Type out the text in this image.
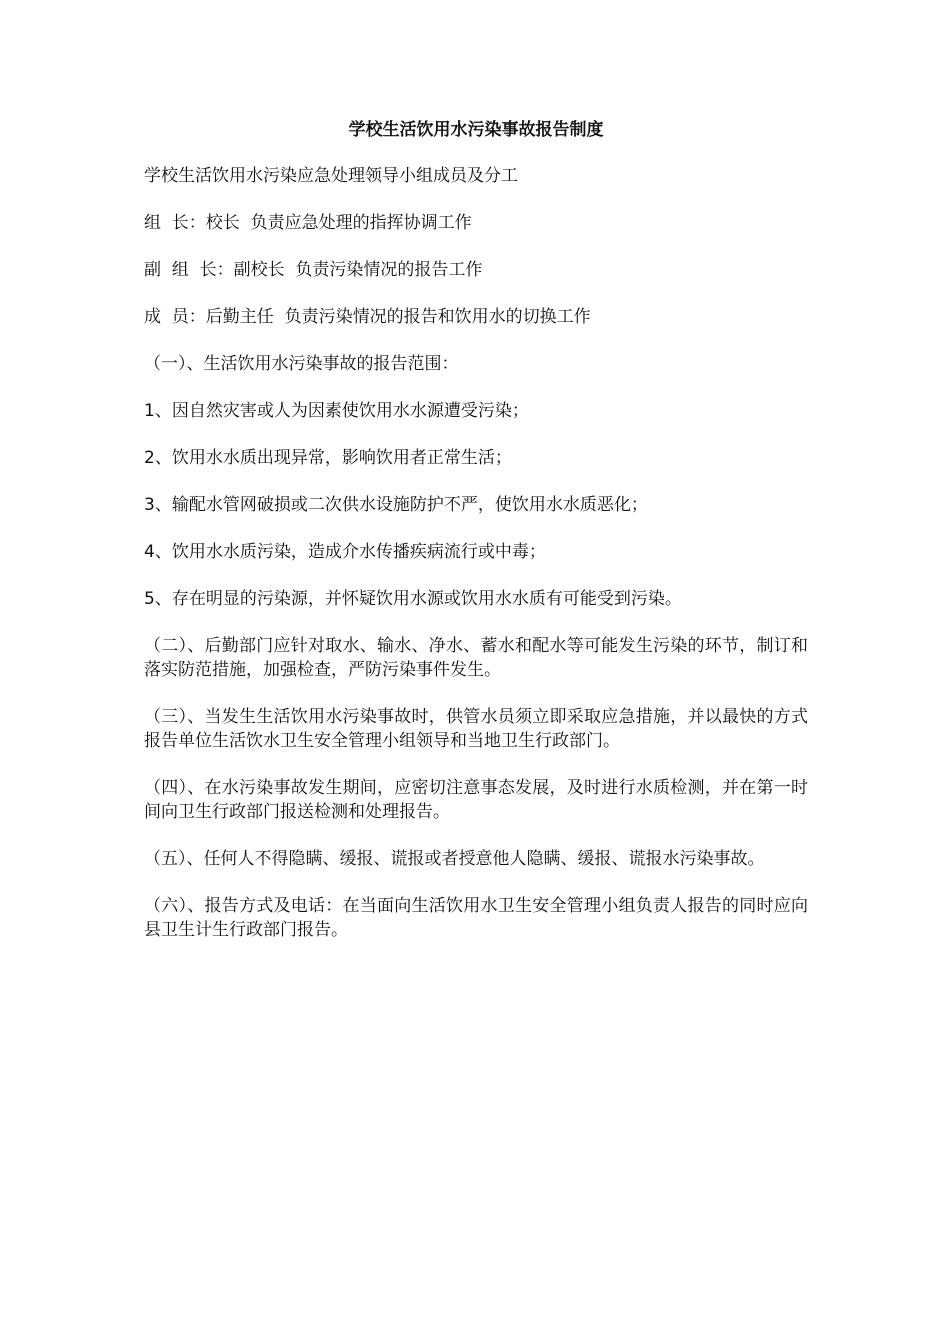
学校生活饮用水污染事故报告制度

学校生活饮用水污染应急处理领导小组成员及分工

组  长：校长  负责应急处理的指挥协调工作

副  组  长：副校长  负责污染情况的报告工作

成  员：后勤主任  负责污染情况的报告和饮用水的切换工作

（一）、生活饮用水污染事故的报告范围：

1、因自然灾害或人为因素使饮用水水源遭受污染；

2、饮用水水质出现异常，影响饮用者正常生活；

3、输配水管网破损或二次供水设施防护不严，使饮用水水质恶化；

4、饮用水水质污染，造成介水传播疾病流行或中毒；

5、存在明显的污染源，并怀疑饮用水源或饮用水水质有可能受到污染。

（二）、后勤部门应针对取水、输水、净水、蓄水和配水等可能发生污染的环节，制订和落实防范措施，加强检查，严防污染事件发生。

（三）、当发生生活饮用水污染事故时，供管水员须立即采取应急措施，并以最快的方式报告单位生活饮水卫生安全管理小组领导和当地卫生行政部门。

（四）、在水污染事故发生期间，应密切注意事态发展，及时进行水质检测，并在第一时间向卫生行政部门报送检测和处理报告。

（五）、任何人不得隐瞒、缓报、谎报或者授意他人隐瞒、缓报、谎报水污染事故。

（六）、报告方式及电话：在当面向生活饮用水卫生安全管理小组负责人报告的同时应向县卫生计生行政部门报告。
